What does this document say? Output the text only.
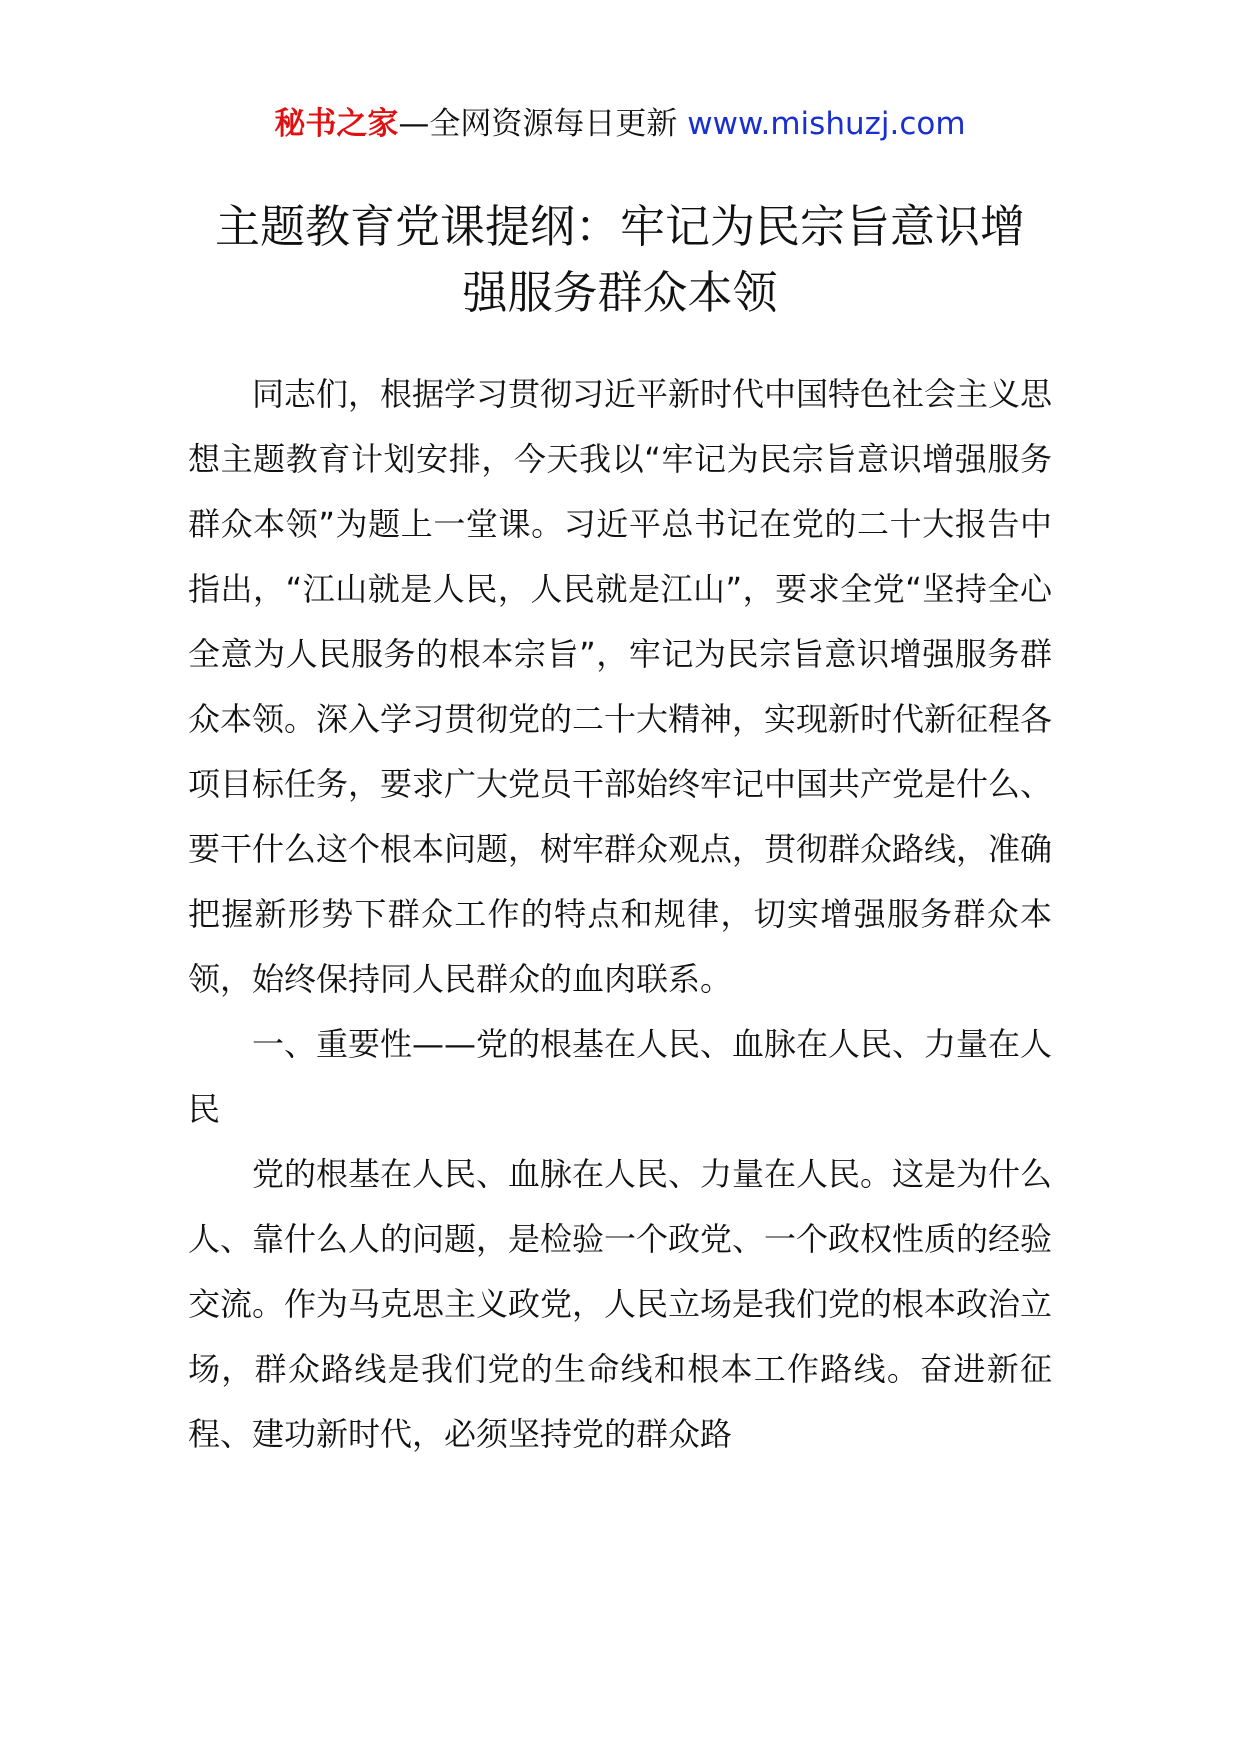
秘书之家—全网资源每日更新 www.mishuzj.com
主题教育党课提纲：牢记为民宗旨意识增
强服务群众本领

同志们，根据学习贯彻习近平新时代中国特色社会主义思想主题教育计划安排，今天我以“牢记为民宗旨意识增强服务群众本领”为题上一堂课。习近平总书记在党的二十大报告中指出，“江山就是人民，人民就是江山”，要求全党“坚持全心全意为人民服务的根本宗旨”，牢记为民宗旨意识增强服务群众本领。深入学习贯彻党的二十大精神，实现新时代新征程各项目标任务，要求广大党员干部始终牢记中国共产党是什么、要干什么这个根本问题，树牢群众观点，贯彻群众路线，准确把握新形势下群众工作的特点和规律，切实增强服务群众本领，始终保持同人民群众的血肉联系。

一、重要性——党的根基在人民、血脉在人民、力量在人民

党的根基在人民、血脉在人民、力量在人民。这是为什么人、靠什么人的问题，是检验一个政党、一个政权性质的经验交流。作为马克思主义政党，人民立场是我们党的根本政治立场，群众路线是我们党的生命线和根本工作路线。奋进新征程、建功新时代，必须坚持党的群众路
